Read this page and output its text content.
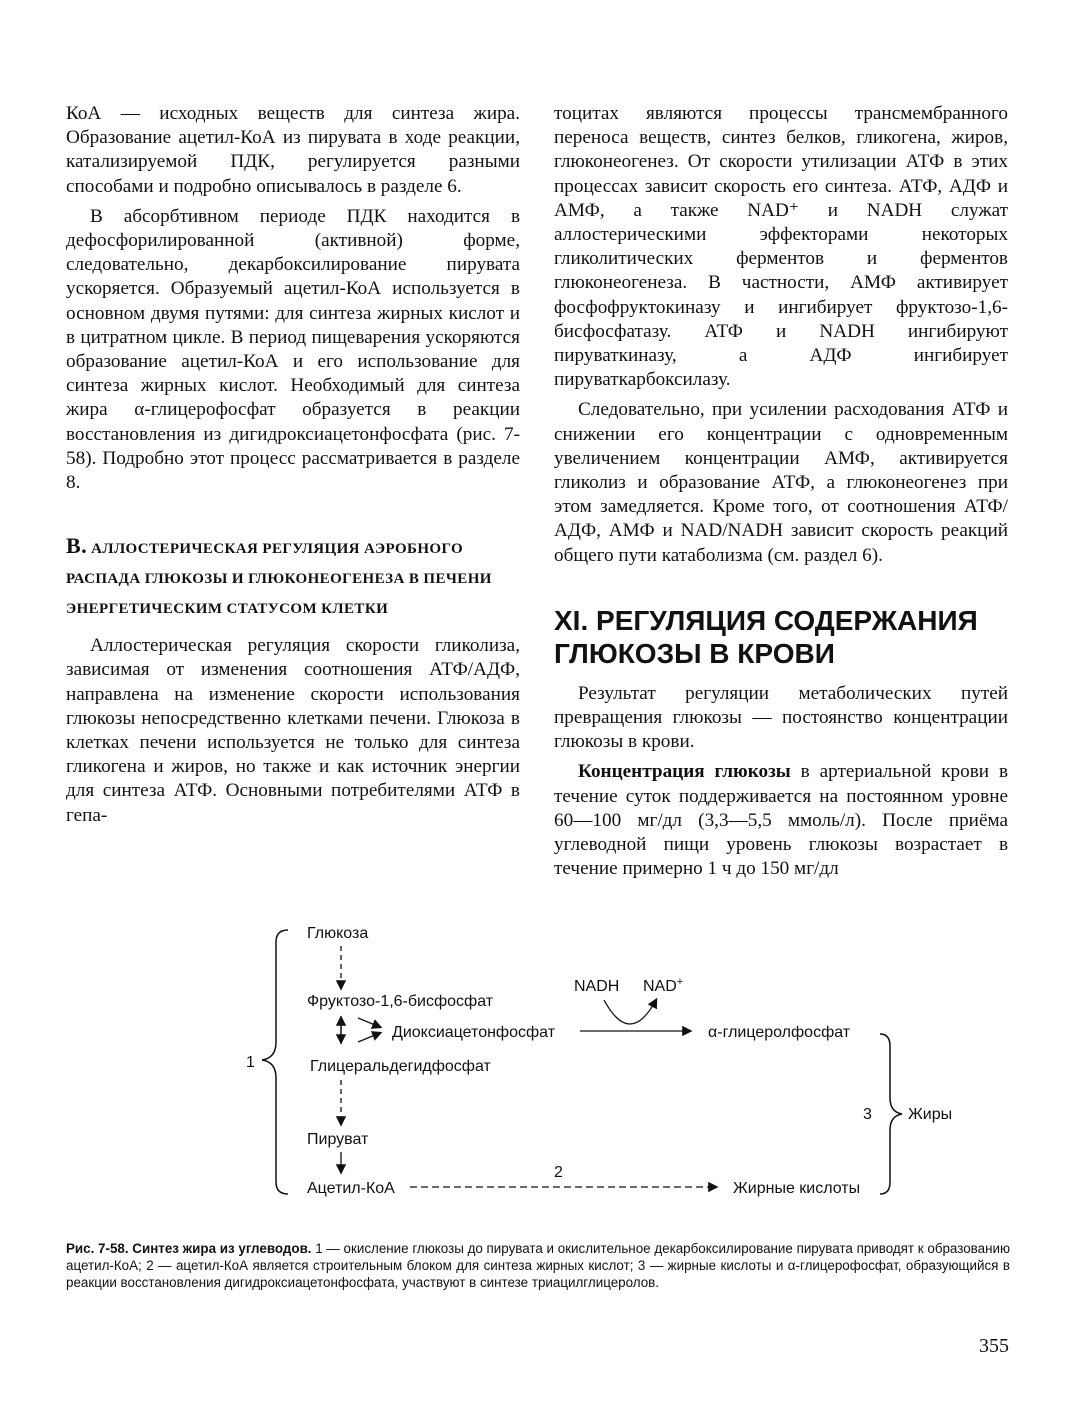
КоА — исходных веществ для синтеза жира. Образование ацетил-КоА из пирувата в ходе реакции, катализируемой ПДК, регулируется разными способами и подробно описывалось в разделе 6.

В абсорбтивном периоде ПДК находится в дефосфорилированной (активной) форме, следовательно, декарбоксилирование пирувата ускоряется. Образуемый ацетил-КоА используется в основном двумя путями: для синтеза жирных кислот и в цитратном цикле. В период пищеварения ускоряются образование ацетил-КоА и его использование для синтеза жирных кислот. Необходимый для синтеза жира α-глицерофосфат образуется в реакции восстановления из дигидроксиацетонфосфата (рис. 7-58). Подробно этот процесс рассматривается в разделе 8.

В. АЛЛОСТЕРИЧЕСКАЯ РЕГУЛЯЦИЯ АЭРОБНОГО РАСПАДА ГЛЮКОЗЫ И ГЛЮКОНЕОГЕНЕЗА В ПЕЧЕНИ ЭНЕРГЕТИЧЕСКИМ СТАТУСОМ КЛЕТКИ

Аллостерическая регуляция скорости гликолиза, зависимая от изменения соотношения АТФ/АДФ, направлена на изменение скорости использования глюкозы непосредственно клетками печени. Глюкоза в клетках печени используется не только для синтеза гликогена и жиров, но также и как источник энергии для синтеза АТФ. Основными потребителями АТФ в гепа-

тоцитах являются процессы трансмембранного переноса веществ, синтез белков, гликогена, жиров, глюконеогенез. От скорости утилизации АТФ в этих процессах зависит скорость его синтеза. АТФ, АДФ и АМФ, а также NAD⁺ и NADH служат аллостерическими эффекторами некоторых гликолитических ферментов и ферментов глюконеогенеза. В частности, АМФ активирует фосфофруктокиназу и ингибирует фруктозо-1,6-бисфосфатазу. АТФ и NADH ингибируют пируваткиназу, а АДФ ингибирует пируваткарбоксилазу.

Следовательно, при усилении расходования АТФ и снижении его концентрации с одновременным увеличением концентрации АМФ, активируется гликолиз и образование АТФ, а глюконеогенез при этом замедляется. Кроме того, от соотношения АТФ/АДФ, АМФ и NAD/NADH зависит скорость реакций общего пути катаболизма (см. раздел 6).

XI. РЕГУЛЯЦИЯ СОДЕРЖАНИЯ ГЛЮКОЗЫ В КРОВИ

Результат регуляции метаболических путей превращения глюкозы — постоянство концентрации глюкозы в крови.

Концентрация глюкозы в артериальной крови в течение суток поддерживается на постоянном уровне 60—100 мг/дл (3,3—5,5 ммоль/л). После приёма углеводной пищи уровень глюкозы возрастает в течение примерно 1 ч до 150 мг/дл

1
Глюкоза
Фруктозо-1,6-бисфосфат
Диоксиацетонфосфат
NADH NAD+
α-глицеролфосфат
Глицеральдегидфосфат
Пируват
Ацетил-КоА
2
Жирные кислоты
3 Жиры
Рис. 7-58. Синтез жира из углеводов. 1 — окисление глюкозы до пирувата и окислительное декарбоксилирование пирувата приводят к образованию ацетил-КоА; 2 — ацетил-КоА является строительным блоком для синтеза жирных кислот; 3 — жирные кислоты и α-глицерофосфат, образующийся в реакции восстановления дигидроксиацетонфосфата, участвуют в синтезе триацилглицеролов.
355
